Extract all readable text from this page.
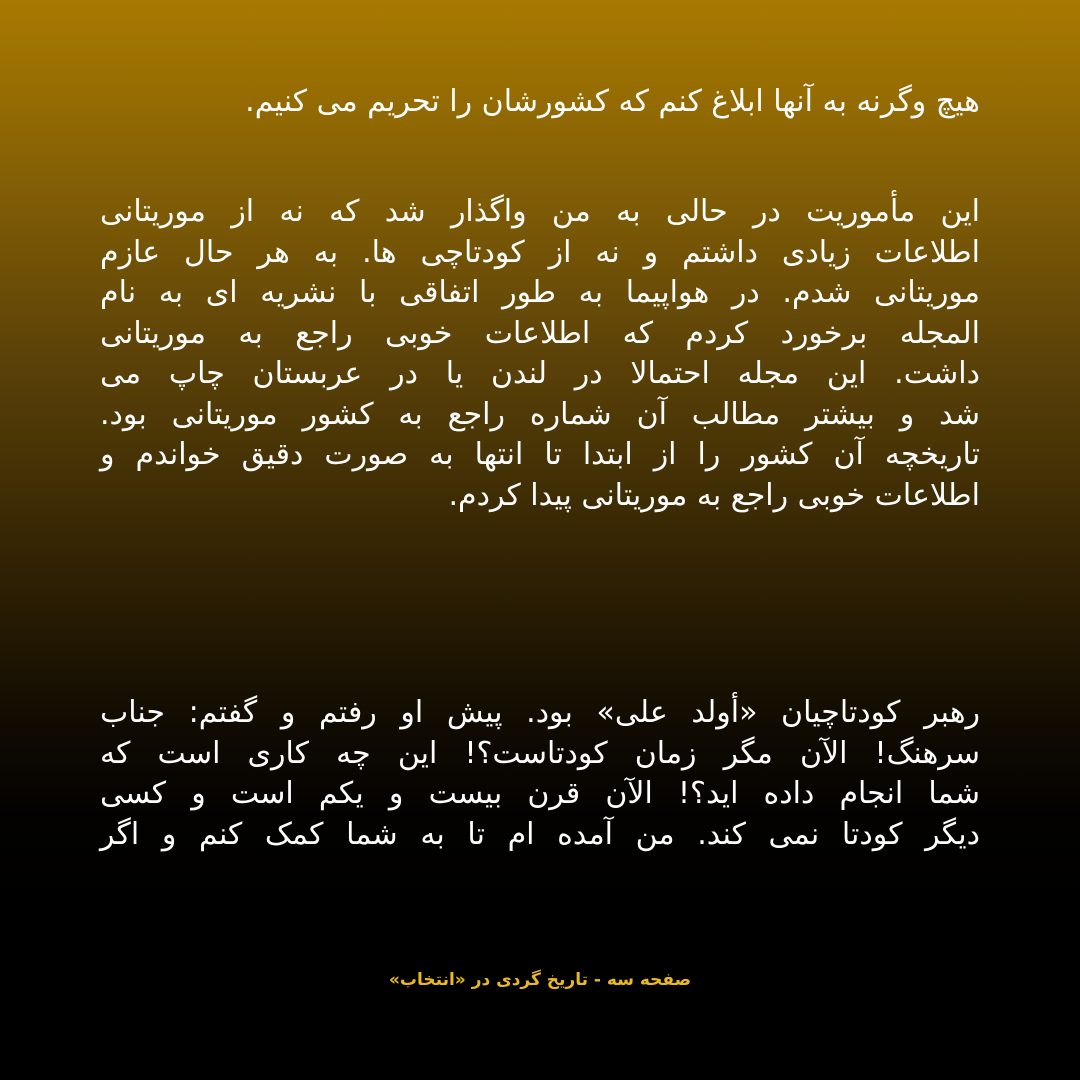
هیچ وگرنه به آنها ابلاغ کنم که کشورشان را تحریم می کنیم.
این مأموریت در حالی به من واگذار شد که نه از موریتانی
اطلاعات زیادی داشتم و نه از کودتاچی ها. به هر حال عازم
موریتانی شدم. در هواپیما به طور اتفاقی با نشریه ای به نام
المجله برخورد کردم که اطلاعات خوبی راجع به موریتانی
داشت. این مجله احتمالا در لندن یا در عربستان چاپ می
شد و بیشتر مطالب آن شماره راجع به کشور موریتانی بود.
تاریخچه آن کشور را از ابتدا تا انتها به صورت دقیق خواندم و
اطلاعات خوبی راجع به موریتانی پیدا کردم.
رهبر کودتاچیان «أولد علی» بود. پیش او رفتم و گفتم: جناب
سرهنگ! الآن مگر زمان کودتاست؟! این چه کاری است که
شما انجام داده اید؟! الآن قرن بیست و یکم است و کسی
دیگر کودتا نمی کند. من آمده ام تا به شما کمک کنم و اگر
صفحه سه - تاریخ گردی در «انتخاب»
